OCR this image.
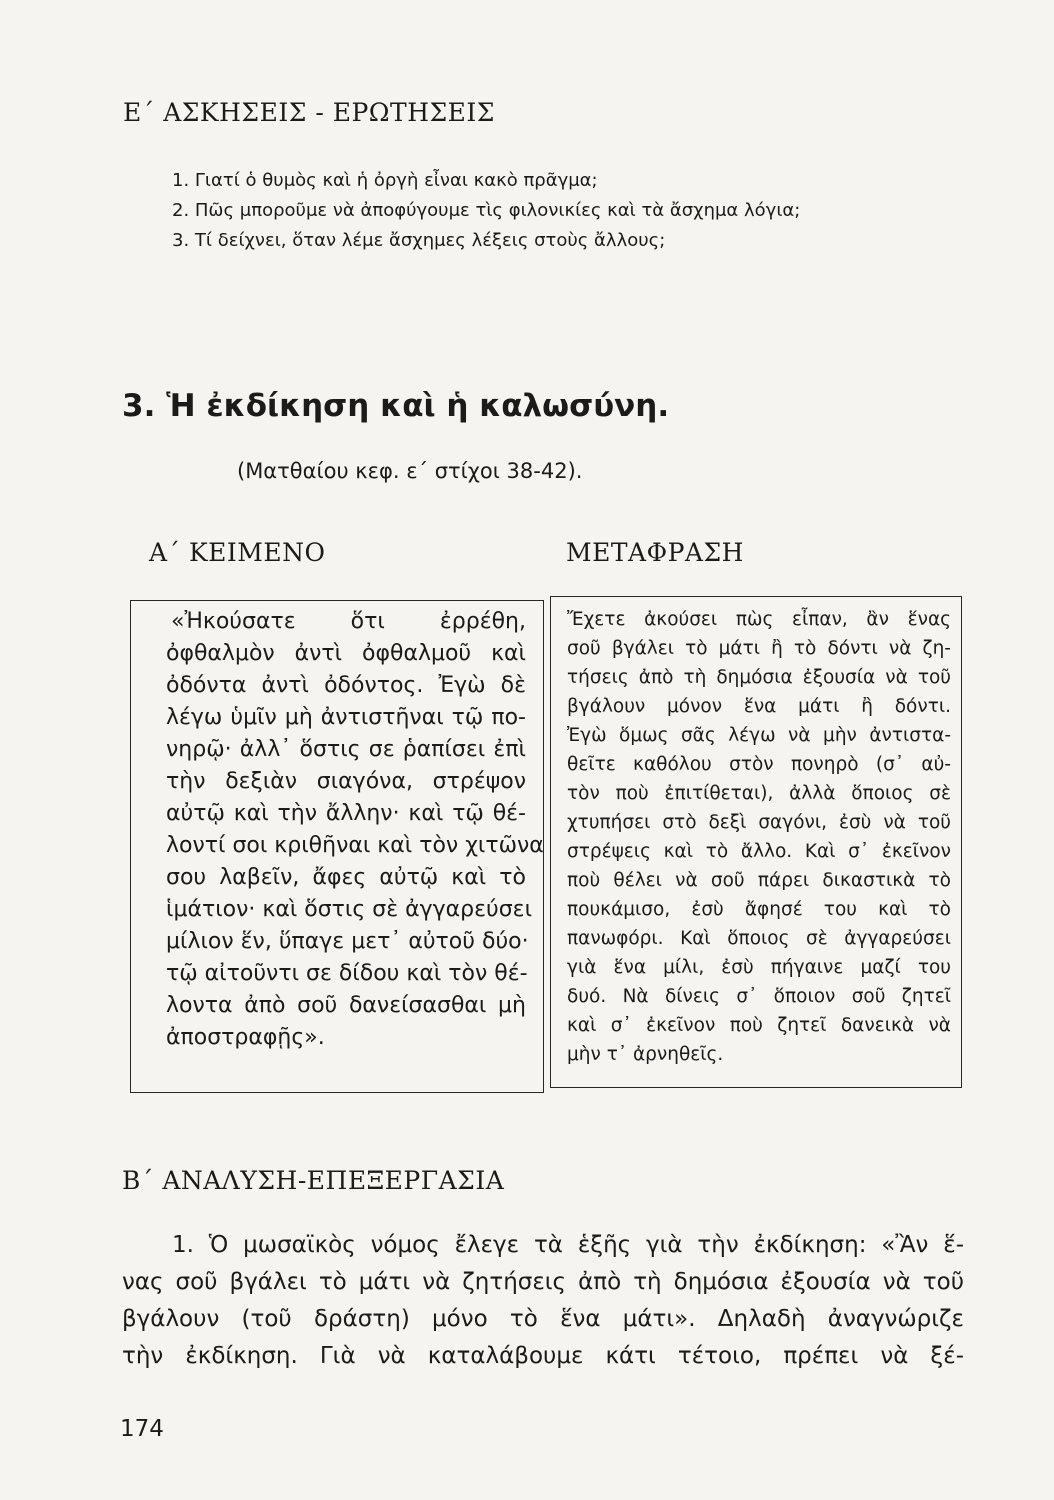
Ε΄ ΑΣΚΗΣΕΙΣ - ΕΡΩΤΗΣΕΙΣ
1. Γιατί ὁ θυμὸς καὶ ἡ ὀργὴ εἶναι κακὸ πρᾶγμα;
2. Πῶς μποροῦμε νὰ ἀποφύγουμε τὶς φιλονικίες καὶ τὰ ἄσχημα λόγια;
3. Τί δείχνει, ὅταν λέμε ἄσχημες λέξεις στοὺς ἄλλους;
3. Ἡ ἐκδίκηση καὶ ἡ καλωσύνη.
(Ματθαίου κεφ. ε΄ στίχοι 38-42).
Α΄ ΚΕΙΜΕΝΟ	ΜΕΤΑΦΡΑΣΗ
«Ἠκούσατε ὅτι ἐρρέθη,
ὀφθαλμὸν ἀντὶ ὀφθαλμοῦ καὶ
ὀδόντα ἀντὶ ὀδόντος. Ἐγὼ δὲ
λέγω ὑμῖν μὴ ἀντιστῆναι τῷ πο-
νηρῷ· ἀλλ᾽ ὅστις σε ῥαπίσει ἐπὶ
τὴν δεξιὰν σιαγόνα, στρέψον
αὐτῷ καὶ τὴν ἄλλην· καὶ τῷ θέ-
λοντί σοι κριθῆναι καὶ τὸν χιτῶνα
σου λαβεῖν, ἄφες αὐτῷ καὶ τὸ
ἱμάτιον· καὶ ὅστις σὲ ἀγγαρεύσει
μίλιον ἕν, ὕπαγε μετ᾽ αὐτοῦ δύο·
τῷ αἰτοῦντι σε δίδου καὶ τὸν θέ-
λοντα ἀπὸ σοῦ δανείσασθαι μὴ
ἀποστραφῇς».
Ἔχετε ἀκούσει πὼς εἶπαν, ἂν ἕνας
σοῦ βγάλει τὸ μάτι ἢ τὸ δόντι νὰ ζη-
τήσεις ἀπὸ τὴ δημόσια ἐξουσία νὰ τοῦ
βγάλουν μόνον ἕνα μάτι ἢ δόντι.
Ἐγὼ ὅμως σᾶς λέγω νὰ μὴν ἀντιστα-
θεῖτε καθόλου στὸν πονηρὸ (σ᾽ αὐ-
τὸν ποὺ ἐπιτίθεται), ἀλλὰ ὅποιος σὲ
χτυπήσει στὸ δεξὶ σαγόνι, ἐσὺ νὰ τοῦ
στρέψεις καὶ τὸ ἄλλο. Καὶ σ᾽ ἐκεῖνον
ποὺ θέλει νὰ σοῦ πάρει δικαστικὰ τὸ
πουκάμισο, ἐσὺ ἄφησέ του καὶ τὸ
πανωφόρι. Καὶ ὅποιος σὲ ἀγγαρεύσει
γιὰ ἕνα μίλι, ἐσὺ πήγαινε μαζί του
δυό. Νὰ δίνεις σ᾽ ὅποιον σοῦ ζητεῖ
καὶ σ᾽ ἐκεῖνον ποὺ ζητεῖ δανεικὰ νὰ
μὴν τ᾽ ἀρνηθεῖς.
Β΄ ΑΝΑΛΥΣΗ-ΕΠΕΞΕΡΓΑΣΙΑ
1. Ὁ μωσαϊκὸς νόμος ἔλεγε τὰ ἑξῆς γιὰ τὴν ἐκδίκηση: «Ἂν ἕ-
νας σοῦ βγάλει τὸ μάτι νὰ ζητήσεις ἀπὸ τὴ δημόσια ἐξουσία νὰ τοῦ
βγάλουν (τοῦ δράστη) μόνο τὸ ἕνα μάτι». Δηλαδὴ ἀναγνώριζε
τὴν ἐκδίκηση. Γιὰ νὰ καταλάβουμε κάτι τέτοιο, πρέπει νὰ ξέ-
174
